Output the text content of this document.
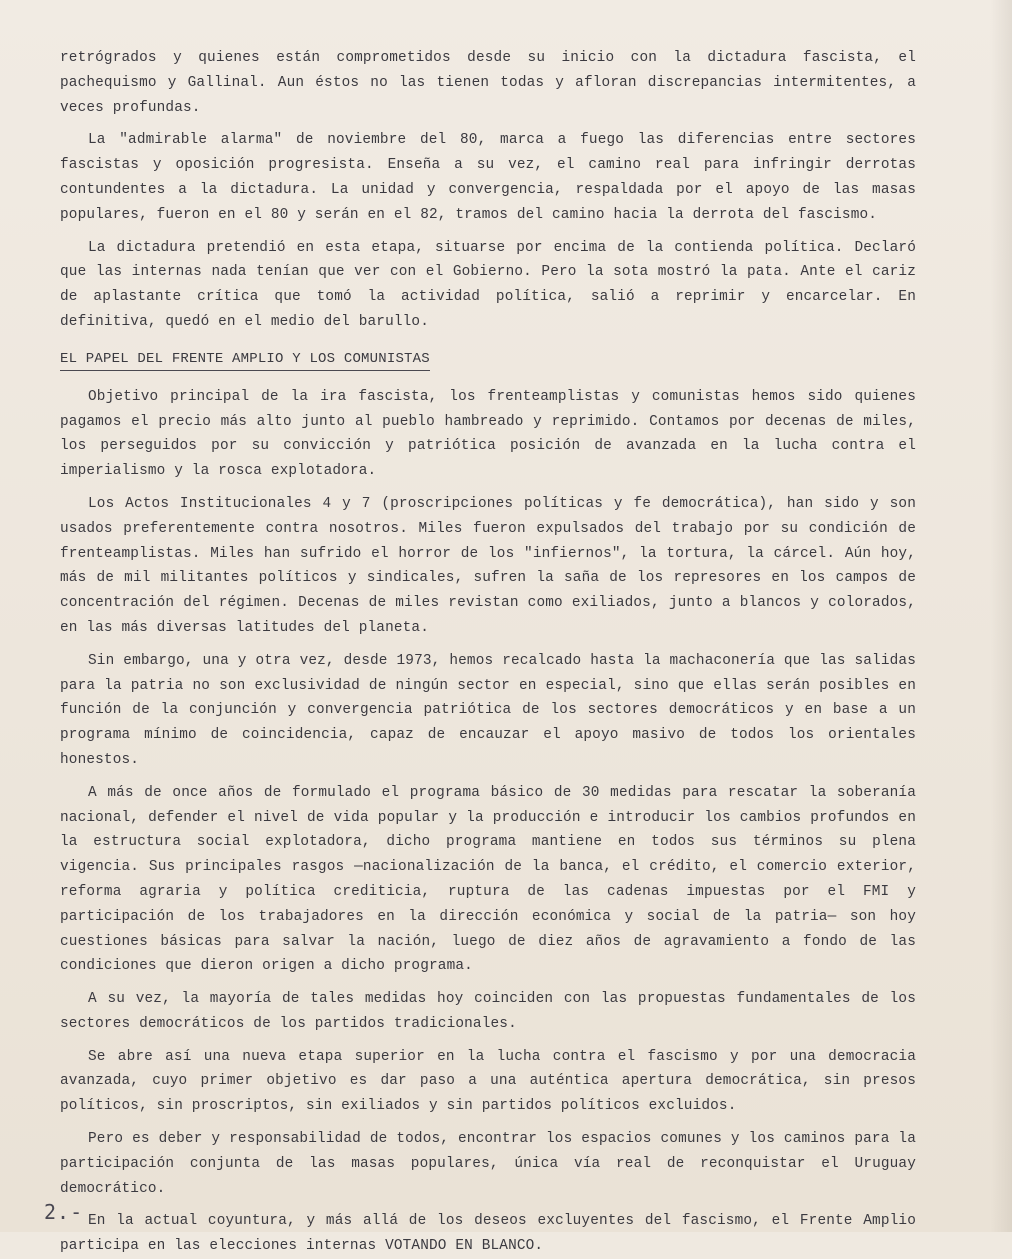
retrógrados y quienes están comprometidos desde su inicio con la dictadura fascista, el pachequismo y Gallinal. Aun éstos no las tienen todas y afloran discrepancias intermitentes, a veces profundas.

La "admirable alarma" de noviembre del 80, marca a fuego las diferencias entre sectores fascistas y oposición progresista. Enseña a su vez, el camino real para infringir derrotas contundentes a la dictadura. La unidad y convergencia, respaldada por el apoyo de las masas populares, fueron en el 80 y serán en el 82, tramos del camino hacia la derrota del fascismo.

La dictadura pretendió en esta etapa, situarse por encima de la contienda política. Declaró que las internas nada tenían que ver con el Gobierno. Pero la sota mostró la pata. Ante el cariz de aplastante crítica que tomó la actividad política, salió a reprimir y encarcelar. En definitiva, quedó en el medio del barullo.

EL PAPEL DEL FRENTE AMPLIO Y LOS COMUNISTAS

Objetivo principal de la ira fascista, los frenteamplistas y comunistas hemos sido quienes pagamos el precio más alto junto al pueblo hambreado y reprimido. Contamos por decenas de miles, los perseguidos por su convicción y patriótica posición de avanzada en la lucha contra el imperialismo y la rosca explotadora.

Los Actos Institucionales 4 y 7 (proscripciones políticas y fe democrática), han sido y son usados preferentemente contra nosotros. Miles fueron expulsados del trabajo por su condición de frenteamplistas. Miles han sufrido el horror de los "infiernos", la tortura, la cárcel. Aún hoy, más de mil militantes políticos y sindicales, sufren la saña de los represores en los campos de concentración del régimen. Decenas de miles revistan como exiliados, junto a blancos y colorados, en las más diversas latitudes del planeta.

Sin embargo, una y otra vez, desde 1973, hemos recalcado hasta la machaconería que las salidas para la patria no son exclusividad de ningún sector en especial, sino que ellas serán posibles en función de la conjunción y convergencia patriótica de los sectores democráticos y en base a un programa mínimo de coincidencia, capaz de encauzar el apoyo masivo de todos los orientales honestos.

A más de once años de formulado el programa básico de 30 medidas para rescatar la soberanía nacional, defender el nivel de vida popular y la producción e introducir los cambios profundos en la estructura social explotadora, dicho programa mantiene en todos sus términos su plena vigencia. Sus principales rasgos —nacionalización de la banca, el crédito, el comercio exterior, reforma agraria y política crediticia, ruptura de las cadenas impuestas por el FMI y participación de los trabajadores en la dirección económica y social de la patria— son hoy cuestiones básicas para salvar la nación, luego de diez años de agravamiento a fondo de las condiciones que dieron origen a dicho programa.

A su vez, la mayoría de tales medidas hoy coinciden con las propuestas fundamentales de los sectores democráticos de los partidos tradicionales.

Se abre así una nueva etapa superior en la lucha contra el fascismo y por una democracia avanzada, cuyo primer objetivo es dar paso a una auténtica apertura democrática, sin presos políticos, sin proscriptos, sin exiliados y sin partidos políticos excluidos.

Pero es deber y responsabilidad de todos, encontrar los espacios comunes y los caminos para la participación conjunta de las masas populares, única vía real de reconquistar el Uruguay democrático.

En la actual coyuntura, y más allá de los deseos excluyentes del fascismo, el Frente Amplio participa en las elecciones internas VOTANDO EN BLANCO.

2.-
